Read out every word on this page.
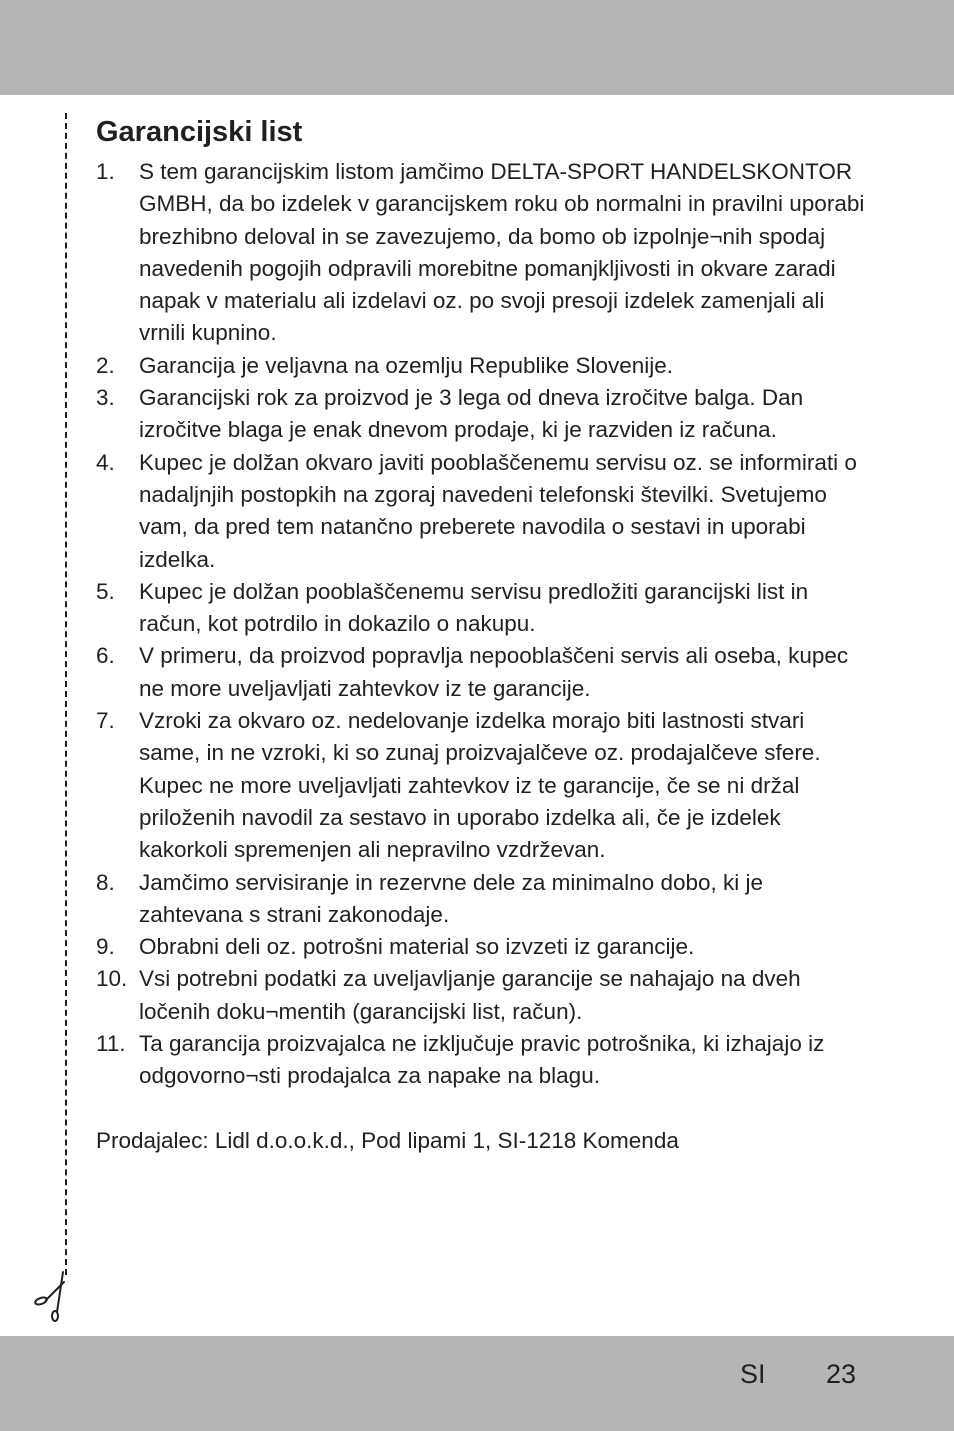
Garancijski list
1. S tem garancijskim listom jamčimo DELTA-SPORT HANDELSKONTOR GMBH, da bo izdelek v garancijskem roku ob normalni in pravilni uporabi brezhibno deloval in se zavezujemo, da bomo ob izpolnje¬nih spodaj navedenih pogojih odpravili morebitne pomanjkljivosti in okvare zaradi napak v materialu ali izdelavi oz. po svoji presoji izdelek zamenjali ali vrnili kupnino.
2. Garancija je veljavna na ozemlju Republike Slovenije.
3. Garancijski rok za proizvod je 3 lega od dneva izročitve balga. Dan izročitve blaga je enak dnevom prodaje, ki je razviden iz računa.
4. Kupec je dolžan okvaro javiti pooblaščenemu servisu oz. se informirati o nadaljnjih postopkih na zgoraj navedeni telefonski številki. Svetujemo vam, da pred tem natančno preberete navodila o sestavi in uporabi izdelka.
5. Kupec je dolžan pooblaščenemu servisu predložiti garancijski list in račun, kot potrdilo in dokazilo o nakupu.
6. V primeru, da proizvod popravlja nepooblaščeni servis ali oseba, kupec ne more uveljavljati zahtevkov iz te garancije.
7. Vzroki za okvaro oz. nedelovanje izdelka morajo biti lastnosti stvari same, in ne vzroki, ki so zunaj proizvajalčeve oz. prodajalčeve sfere. Kupec ne more uveljavljati zahtevkov iz te garancije, če se ni držal priloženih navodil za sestavo in uporabo izdelka ali, če je izdelek kakorkoli spremenjen ali nepravilno vzdrževan.
8. Jamčimo servisiranje in rezervne dele za minimalno dobo, ki je zahtevana s strani zakonodaje.
9. Obrabni deli oz. potrošni material so izvzeti iz garancije.
10. Vsi potrebni podatki za uveljavljanje garancije se nahajajo na dveh ločenih doku¬mentih (garancijski list, račun).
11. Ta garancija proizvajalca ne izključuje pravic potrošnika, ki izhajajo iz odgovorno¬sti prodajalca za napake na blagu.
Prodajalec: Lidl d.o.o.k.d., Pod lipami 1, SI-1218 Komenda
SI 23
